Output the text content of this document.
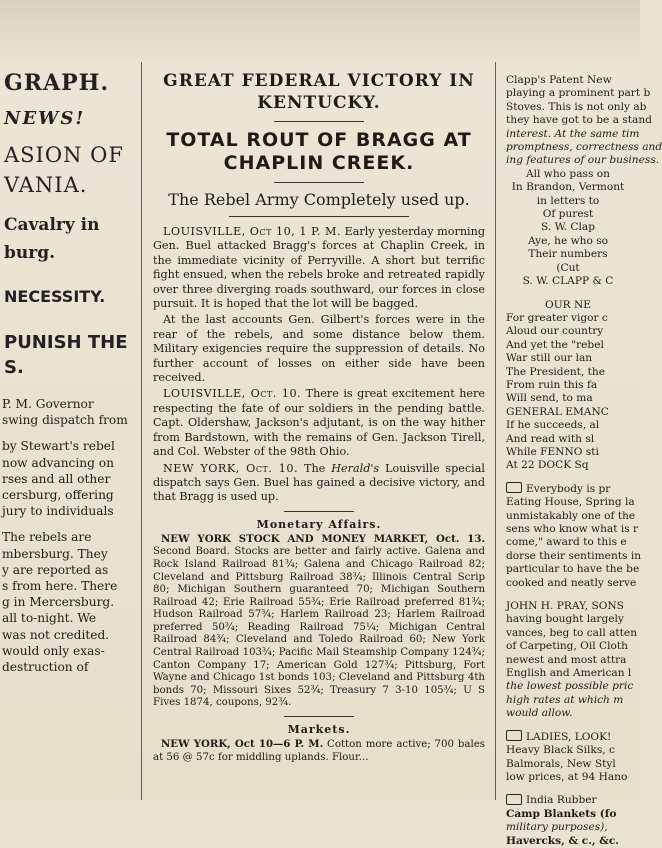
GRAPH.
NEWS!
ASION OF
VANIA.
Cavalry in
burg.
NECESSITY.
PUNISH THE
S.
P. M. Governor
swing dispatch from
by Stewart's rebel
now advancing on
rses and all other
cersburg, offering
jury to individuals
The rebels are
mbersburg. They
y are reported as
s from here. There
g in Mercersburg.
all to-night. We
was not credited.
would only exas-
destruction of
GREAT FEDERAL VICTORY IN
KENTUCKY.
TOTAL ROUT OF BRAGG AT
CHAPLIN CREEK.
The Rebel Army Completely used up.

LOUISVILLE, Oct 10, 1 P. M. Early yesterday morning Gen. Buel attacked Bragg's forces at Chaplin Creek, in the immediate vicinity of Perryville. A short but terrific fight ensued, when the rebels broke and retreated rapidly over three diverging roads southward, our forces in close pursuit. It is hoped that the lot will be bagged.

At the last accounts Gen. Gilbert's forces were in the rear of the rebels, and some distance below them. Military exigencies require the suppression of details. No further account of losses on either side have been received.

LOUISVILLE, Oct. 10. There is great excitement here respecting the fate of our soldiers in the pending battle. Capt. Oldershaw, Jackson's adjutant, is on the way hither from Bardstown, with the remains of Gen. Jackson Tirell, and Col. Webster of the 98th Ohio.

NEW YORK, Oct. 10. The Herald's Louisville special dispatch says Gen. Buel has gained a decisive victory, and that Bragg is used up.

Monetary Affairs.

NEW YORK STOCK AND MONEY MARKET, Oct. 13. Second Board. Stocks are better and fairly active. Galena and Rock Island Railroad 81¾; Galena and Chicago Railroad 82; Cleveland and Pittsburg Railroad 38¾; Illinois Central Scrip 80; Michigan Southern guaranteed 70; Michigan Southern Railroad 42; Erie Railroad 55¾; Erie Railroad preferred 81¾; Hudson Railroad 57¾; Harlem Railroad 23; Harlem Railroad preferred 50¾; Reading Railroad 75¼; Michigan Central Railroad 84¾; Cleveland and Toledo Railroad 60; New York Central Railroad 103¾; Pacific Mail Steamship Company 124¾; Canton Company 17; American Gold 127¾; Pittsburg, Fort Wayne and Chicago 1st bonds 103; Cleveland and Pittsburg 4th bonds 70; Missouri Sixes 52¾; Treasury 7 3-10 105¾; U S Fives 1874, coupons, 92¾.

Markets.

NEW YORK, Oct 10—6 P. M. Cotton more active; 700 bales at 56 @ 57c for middling uplands. Flour...

Clapp's Patent New
playing a prominent part b
Stoves. This is not only ab
they have got to be a stand
interest. At the same tim
promptness, correctness and
ing features of our business.
All who pass on
In Brandon, Vermont
in letters to
Of purest
S. W. Clap
Aye, he who so
Their numbers
(Cut
S. W. CLAPP & C
OUR NE
For greater vigor c
Aloud our country
And yet the "rebel
War still our lan
The President, the
From ruin this fa
Will send, to ma
GENERAL EMANC
If he succeeds, al
And read with sl
While FENNO sti
At 22 DOCK Sq
Everybody is pr
Eating House, Spring la
unmistakably one of the
sens who know what is r
come," award to this e
dorse their sentiments in
particular to have the be
cooked and neatly serve
JOHN H. PRAY, SONS
having bought largely
vances, beg to call atten
of Carpeting, Oil Cloth
newest and most attra
English and American l
the lowest possible pric
high rates at which m
would allow.
LADIES, LOOK!
Heavy Black Silks, c
Balmorals, New Styl
low prices, at 94 Hano
India Rubber
Camp Blankets (fo
military purposes),
Havercks, & c., &c.
